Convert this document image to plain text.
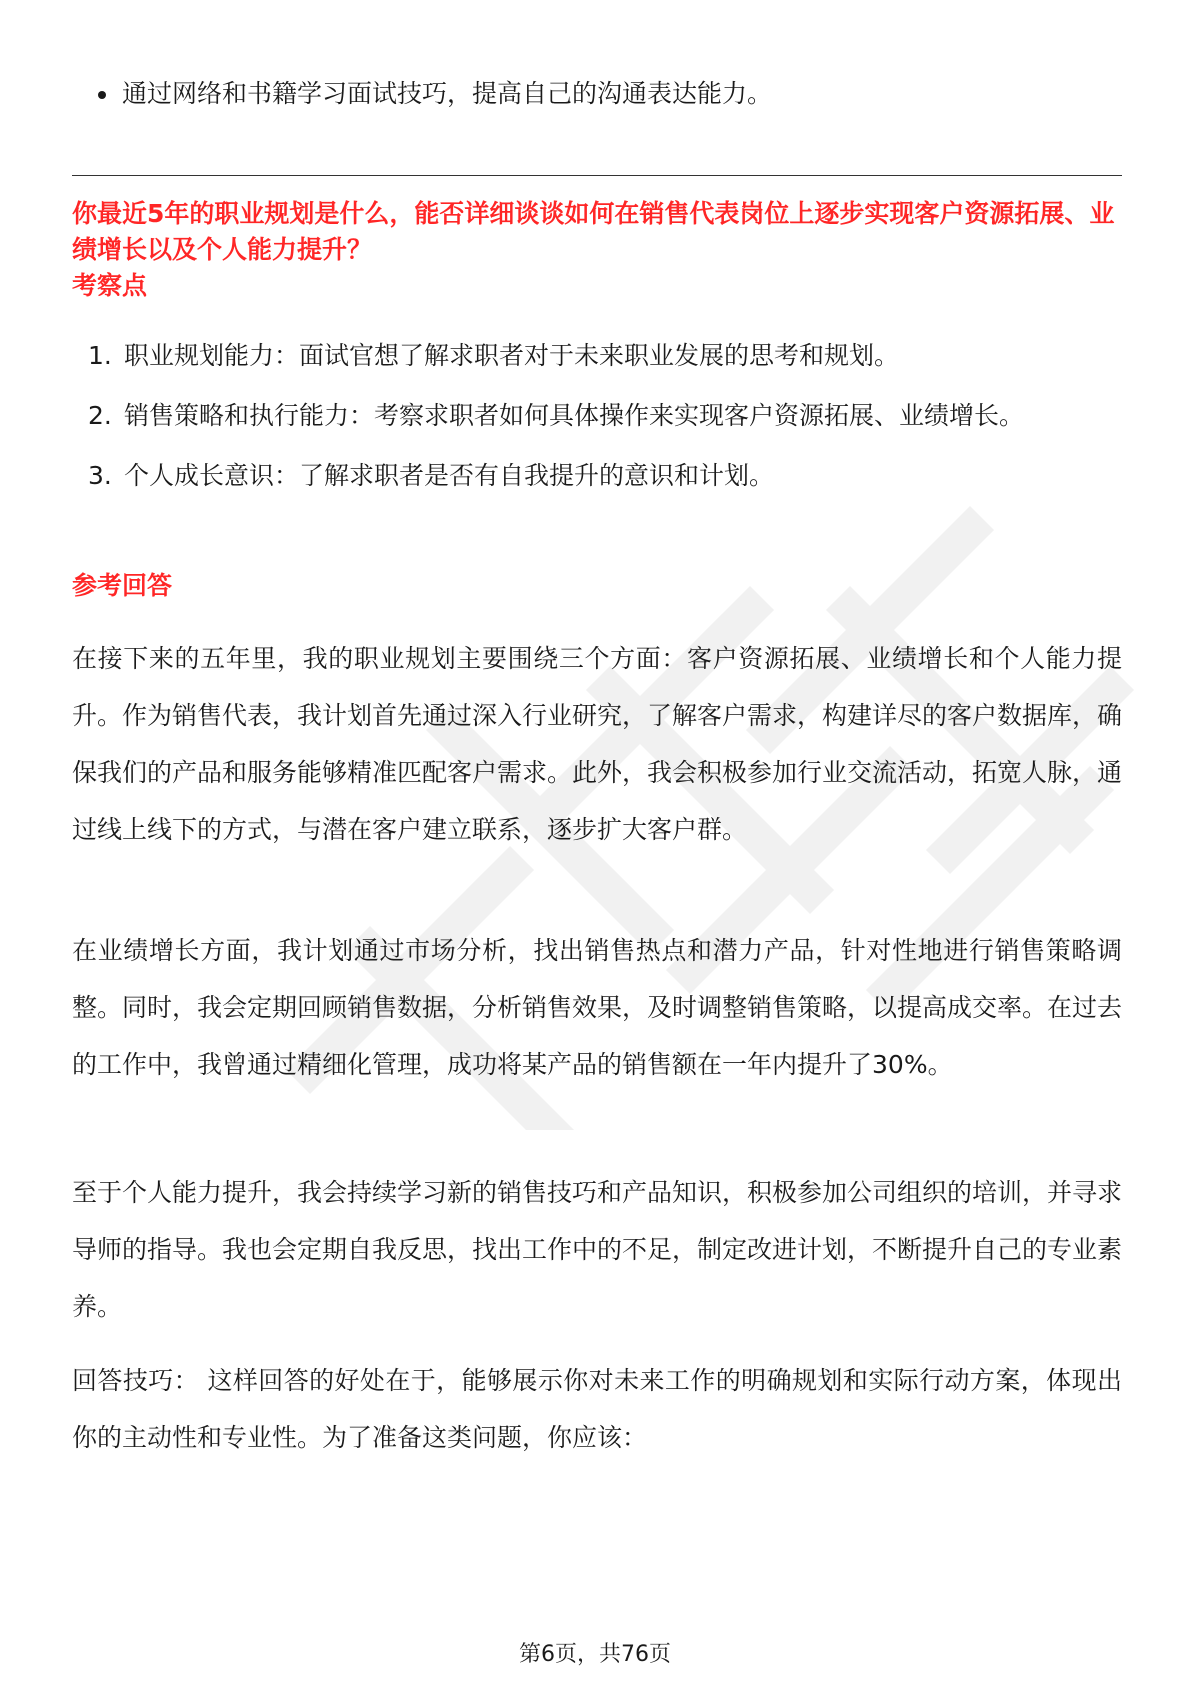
通过网络和书籍学习面试技巧，提高自己的沟通表达能力。

你最近5年的职业规划是什么，能否详细谈谈如何在销售代表岗位上逐步实现客户资源拓展、业绩增长以及个人能力提升？

考察点

1. 职业规划能力：面试官想了解求职者对于未来职业发展的思考和规划。
2. 销售策略和执行能力：考察求职者如何具体操作来实现客户资源拓展、业绩增长。
3. 个人成长意识：了解求职者是否有自我提升的意识和计划。

参考回答

在接下来的五年里，我的职业规划主要围绕三个方面：客户资源拓展、业绩增长和个人能力提升。作为销售代表，我计划首先通过深入行业研究，了解客户需求，构建详尽的客户数据库，确保我们的产品和服务能够精准匹配客户需求。此外，我会积极参加行业交流活动，拓宽人脉，通过线上线下的方式，与潜在客户建立联系，逐步扩大客户群。

在业绩增长方面，我计划通过市场分析，找出销售热点和潜力产品，针对性地进行销售策略调整。同时，我会定期回顾销售数据，分析销售效果，及时调整销售策略，以提高成交率。在过去的工作中，我曾通过精细化管理，成功将某产品的销售额在一年内提升了30%。

至于个人能力提升，我会持续学习新的销售技巧和产品知识，积极参加公司组织的培训，并寻求导师的指导。我也会定期自我反思，找出工作中的不足，制定改进计划，不断提升自己的专业素养。

回答技巧： 这样回答的好处在于，能够展示你对未来工作的明确规划和实际行动方案，体现出你的主动性和专业性。为了准备这类问题，你应该：

第6页，共76页
